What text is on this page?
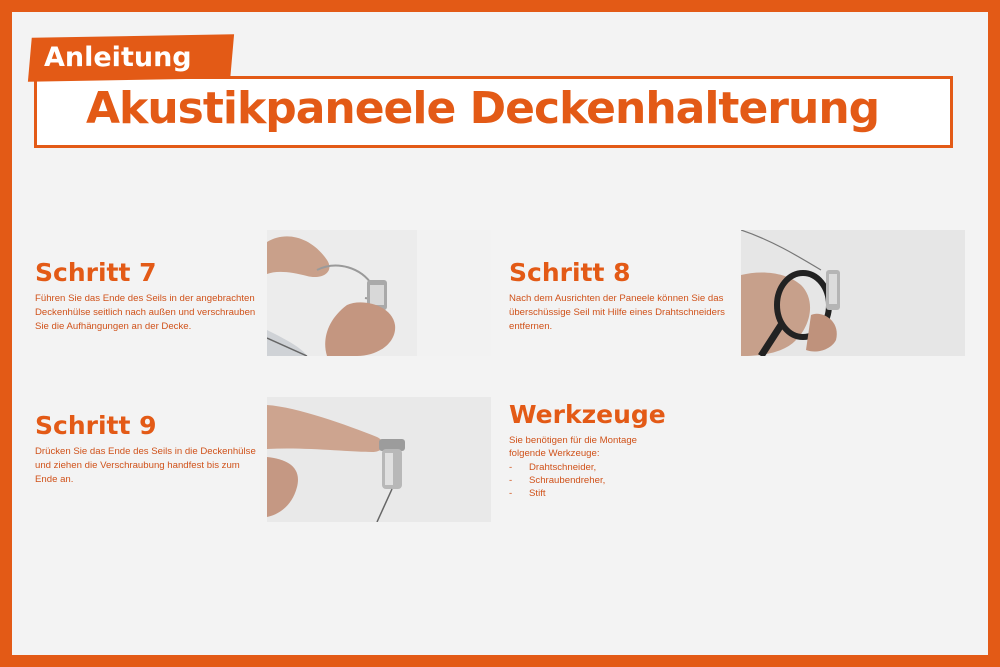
Akustikpaneele Deckenhalterung
Anleitung
Schritt 7
Führen Sie das Ende des Seils in der angebrachten Deckenhülse seitlich nach außen und verschrauben Sie die Aufhängungen an der Decke.
Schritt 8
Nach dem Ausrichten der Paneele können Sie das überschüssige Seil mit Hilfe eines Drahtschneiders entfernen.
Schritt 9
Drücken Sie das Ende des Seils in die Deckenhülse und ziehen die Verschraubung handfest bis zum Ende an.
Werkzeuge
Sie benötigen für die Montage folgende Werkzeuge:
- Drahtschneider,
- Schraubendreher,
- Stift
